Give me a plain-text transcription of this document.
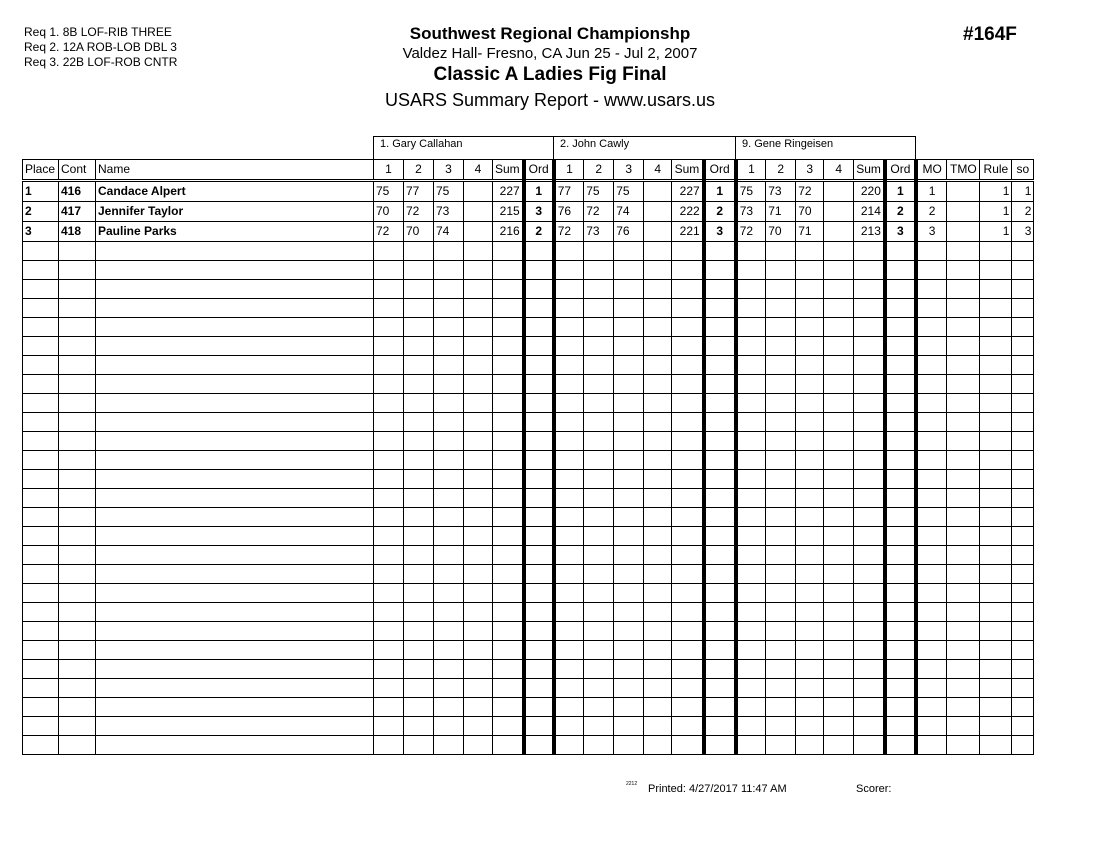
Req 1. 8B LOF-RIB THREE
Req 2. 12A ROB-LOB DBL 3
Req 3. 22B LOF-ROB CNTR
Southwest Regional Championshp
Valdez Hall- Fresno, CA Jun 25 - Jul 2, 2007
Classic A Ladies Fig Final
USARS Summary Report - www.usars.us
#164F
1. Gary Callahan	2. John Cawly	9. Gene Ringeisen
Place	Cont	Name	1	2	3	4	Sum	Ord	1	2	3	4	Sum	Ord	1	2	3	4	Sum	Ord	MO	TMO	Rule	so
1	416	Candace Alpert	75	77	75		227	1	77	75	75		227	1	75	73	72		220	1	1		1	1
2	417	Jennifer Taylor	70	72	73		215	3	76	72	74		222	2	73	71	70		214	2	2		1	2
3	418	Pauline Parks	72	70	74		216	2	72	73	76		221	3	72	70	71		213	3	3		1	3

2212 Printed: 4/27/2017 11:47 AM	Scorer:
